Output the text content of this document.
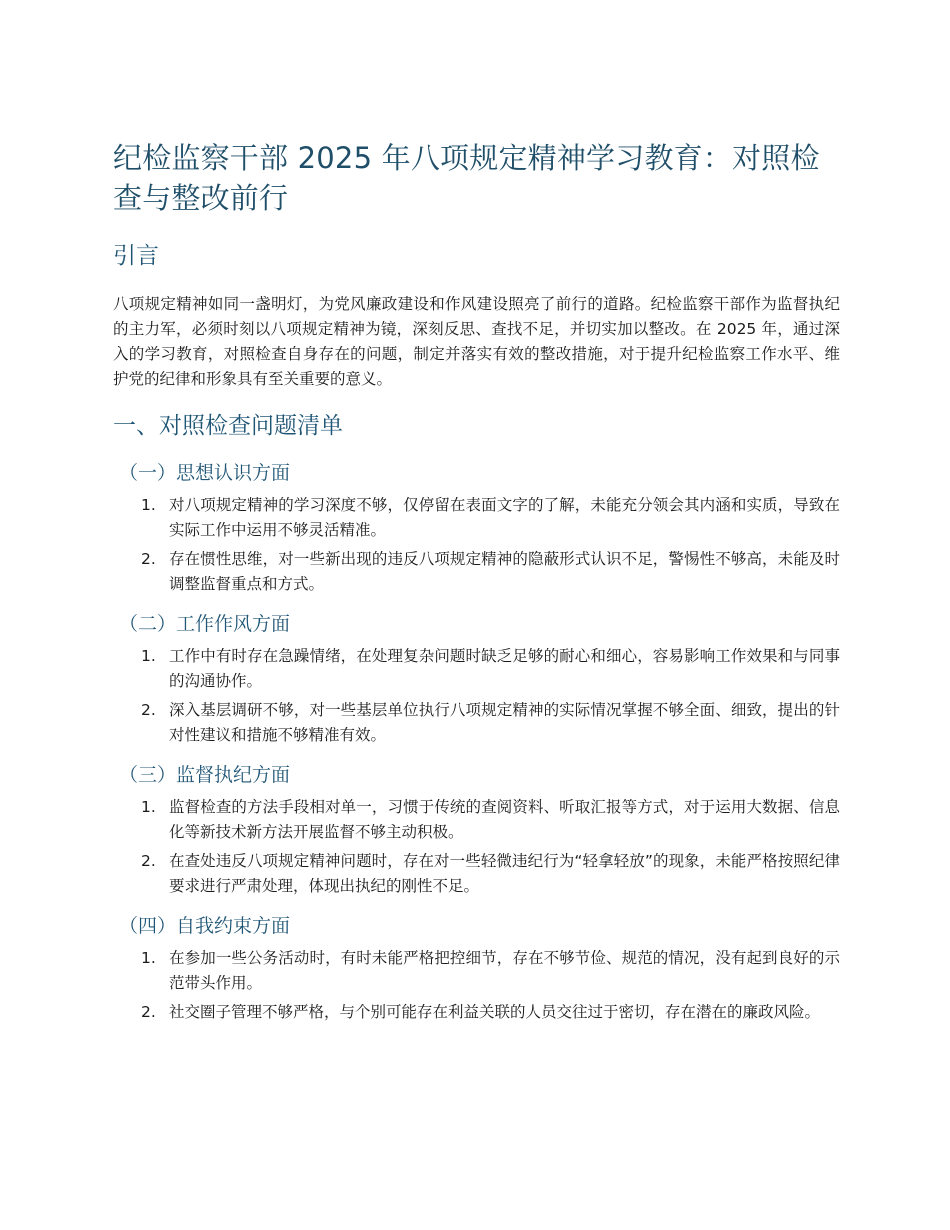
纪检监察干部 2025 年八项规定精神学习教育：对照检查与整改前行
引言

八项规定精神如同一盏明灯，为党风廉政建设和作风建设照亮了前行的道路。纪检监察干部作为监督执纪的主力军，必须时刻以八项规定精神为镜，深刻反思、查找不足，并切实加以整改。在 2025 年，通过深入的学习教育，对照检查自身存在的问题，制定并落实有效的整改措施，对于提升纪检监察工作水平、维护党的纪律和形象具有至关重要的意义。

一、对照检查问题清单
（一）思想认识方面
1. 对八项规定精神的学习深度不够，仅停留在表面文字的了解，未能充分领会其内涵和实质，导致在实际工作中运用不够灵活精准。
2. 存在惯性思维，对一些新出现的违反八项规定精神的隐蔽形式认识不足，警惕性不够高，未能及时调整监督重点和方式。
（二）工作作风方面
1. 工作中有时存在急躁情绪，在处理复杂问题时缺乏足够的耐心和细心，容易影响工作效果和与同事的沟通协作。
2. 深入基层调研不够，对一些基层单位执行八项规定精神的实际情况掌握不够全面、细致，提出的针对性建议和措施不够精准有效。
（三）监督执纪方面
1. 监督检查的方法手段相对单一，习惯于传统的查阅资料、听取汇报等方式，对于运用大数据、信息化等新技术新方法开展监督不够主动积极。
2. 在查处违反八项规定精神问题时，存在对一些轻微违纪行为“轻拿轻放”的现象，未能严格按照纪律要求进行严肃处理，体现出执纪的刚性不足。
（四）自我约束方面
1. 在参加一些公务活动时，有时未能严格把控细节，存在不够节俭、规范的情况，没有起到良好的示范带头作用。
2. 社交圈子管理不够严格，与个别可能存在利益关联的人员交往过于密切，存在潜在的廉政风险。
